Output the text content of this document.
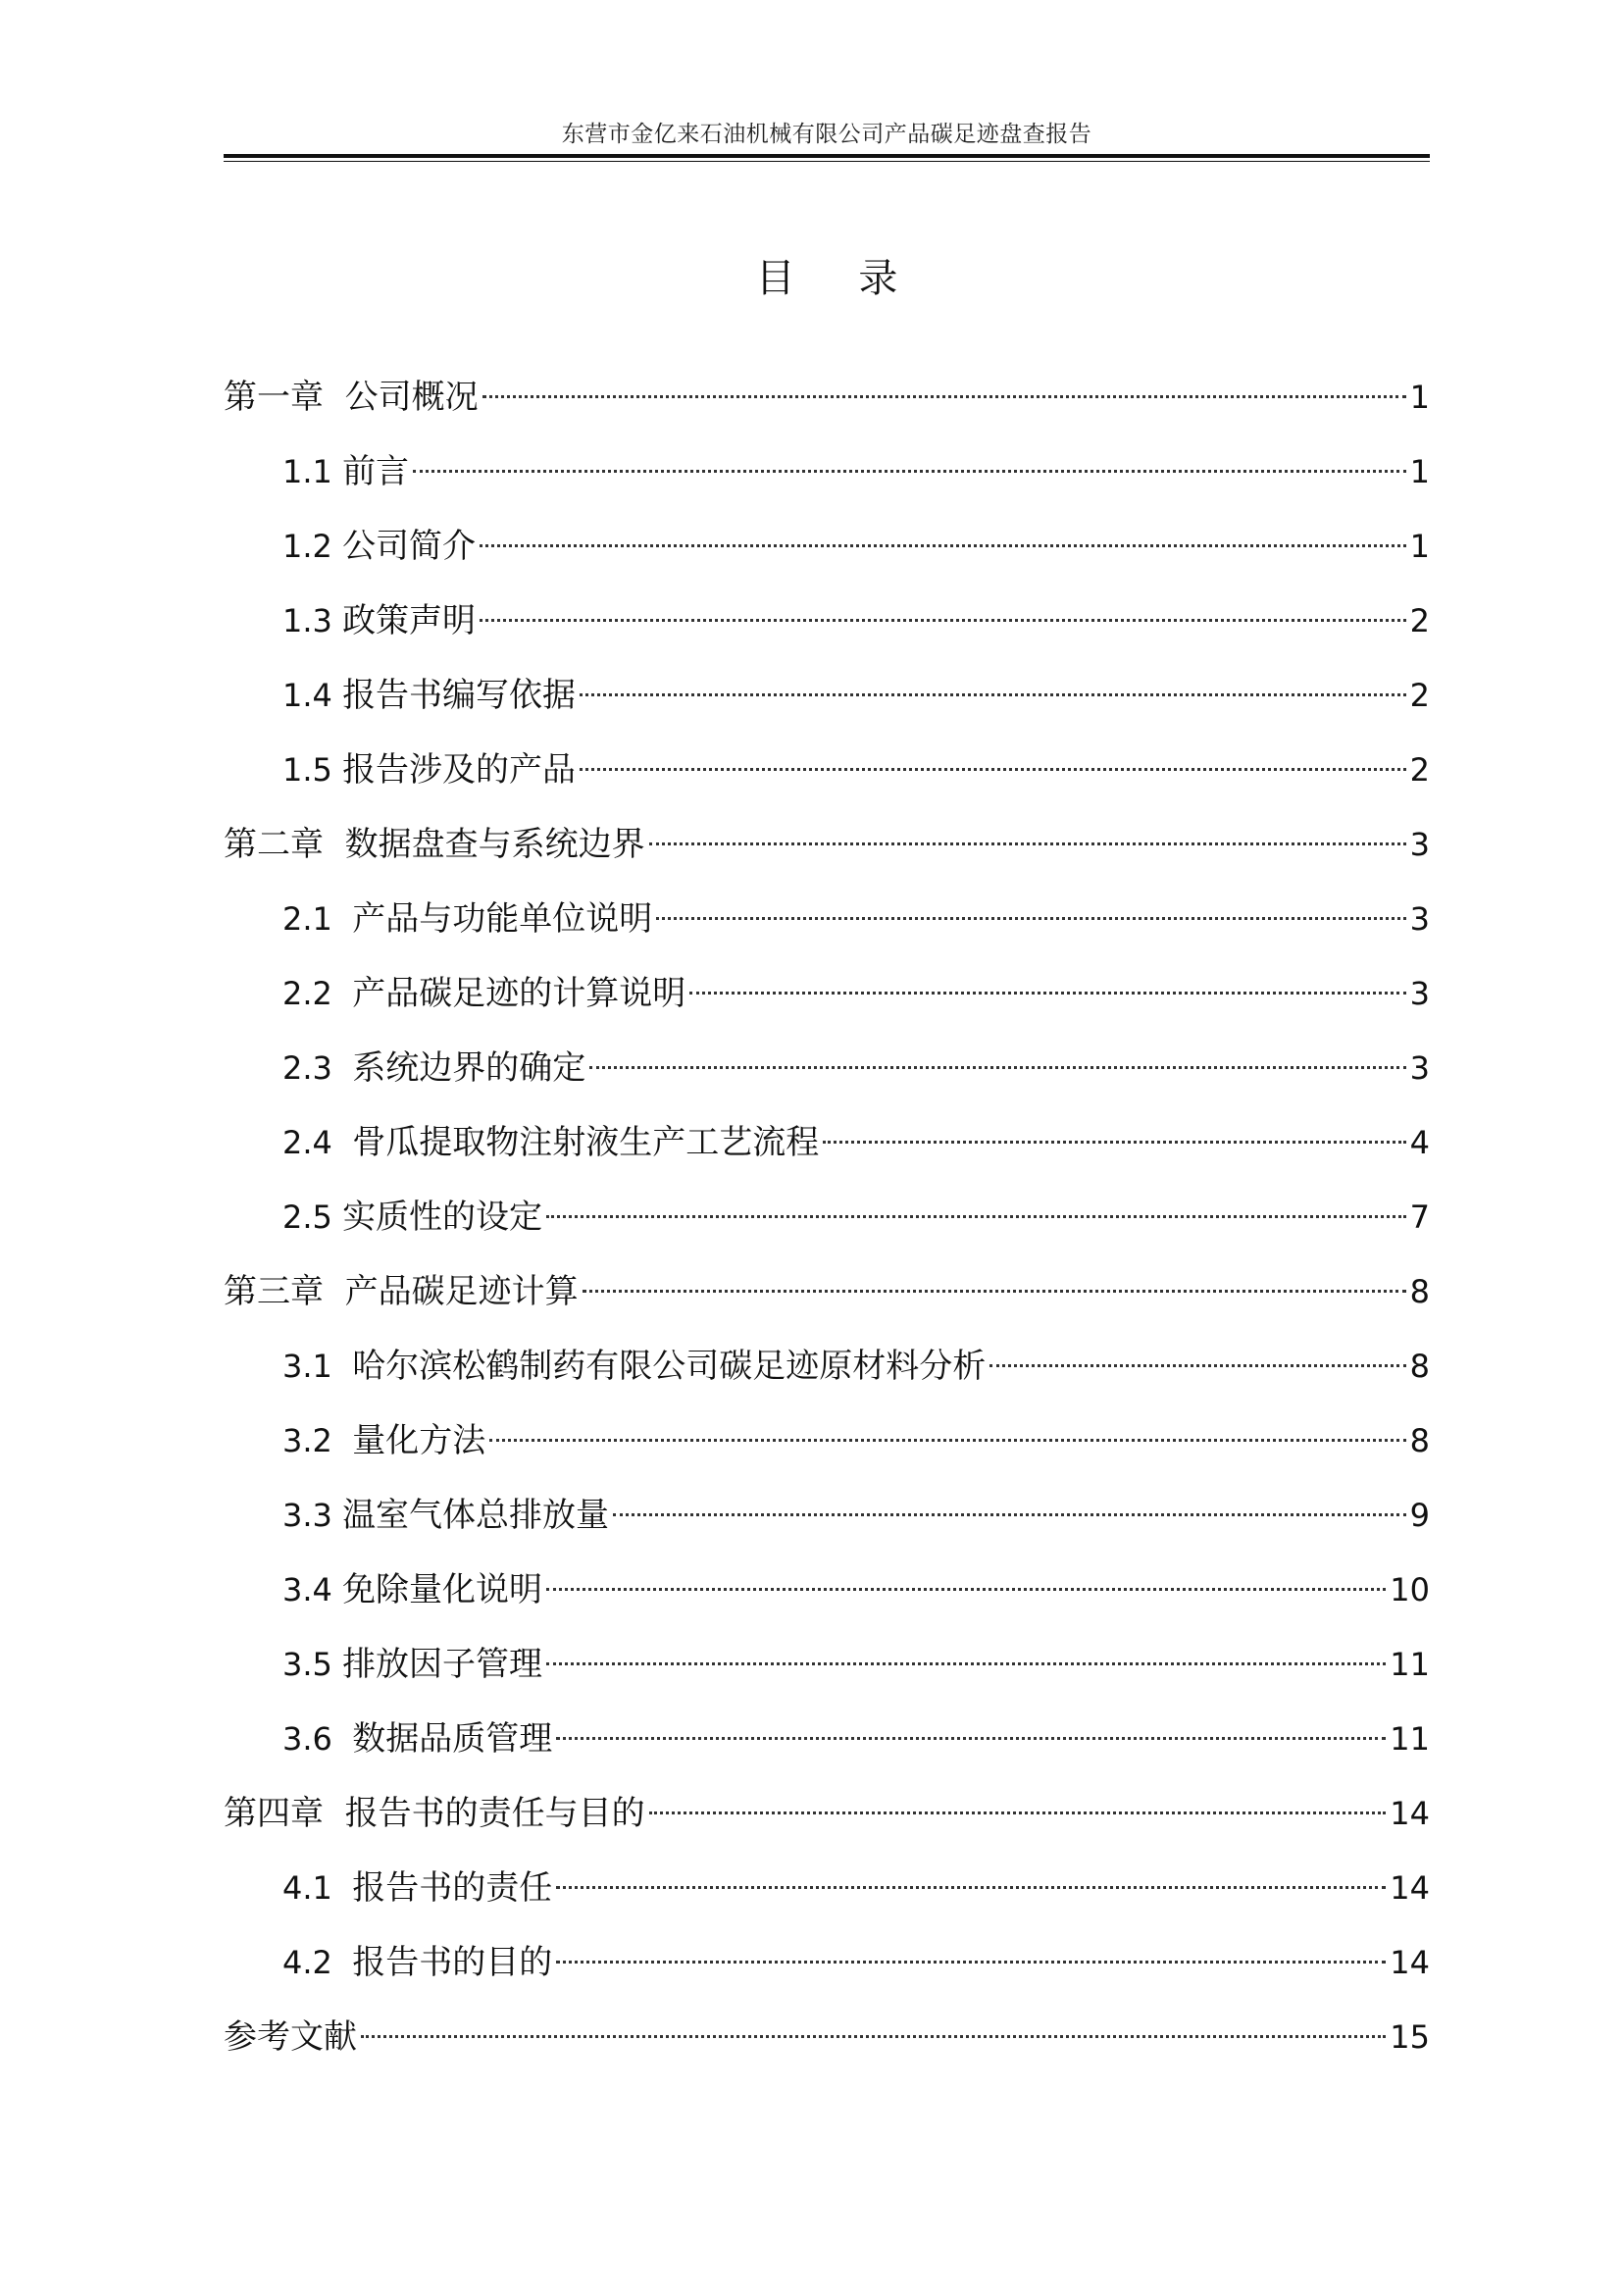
东营市金亿来石油机械有限公司产品碳足迹盘查报告
目 录
第一章  公司概况	1
1.1 前言	1
1.2 公司简介	1
1.3 政策声明	2
1.4 报告书编写依据	2
1.5 报告涉及的产品	2
第二章  数据盘查与系统边界	3
2.1  产品与功能单位说明	3
2.2  产品碳足迹的计算说明	3
2.3  系统边界的确定	3
2.4  骨瓜提取物注射液生产工艺流程	4
2.5 实质性的设定	7
第三章  产品碳足迹计算	8
3.1  哈尔滨松鹤制药有限公司碳足迹原材料分析	8
3.2  量化方法	8
3.3 温室气体总排放量	9
3.4 免除量化说明	10
3.5 排放因子管理	11
3.6  数据品质管理	11
第四章  报告书的责任与目的	14
4.1  报告书的责任	14
4.2  报告书的目的	14
参考文献	15
